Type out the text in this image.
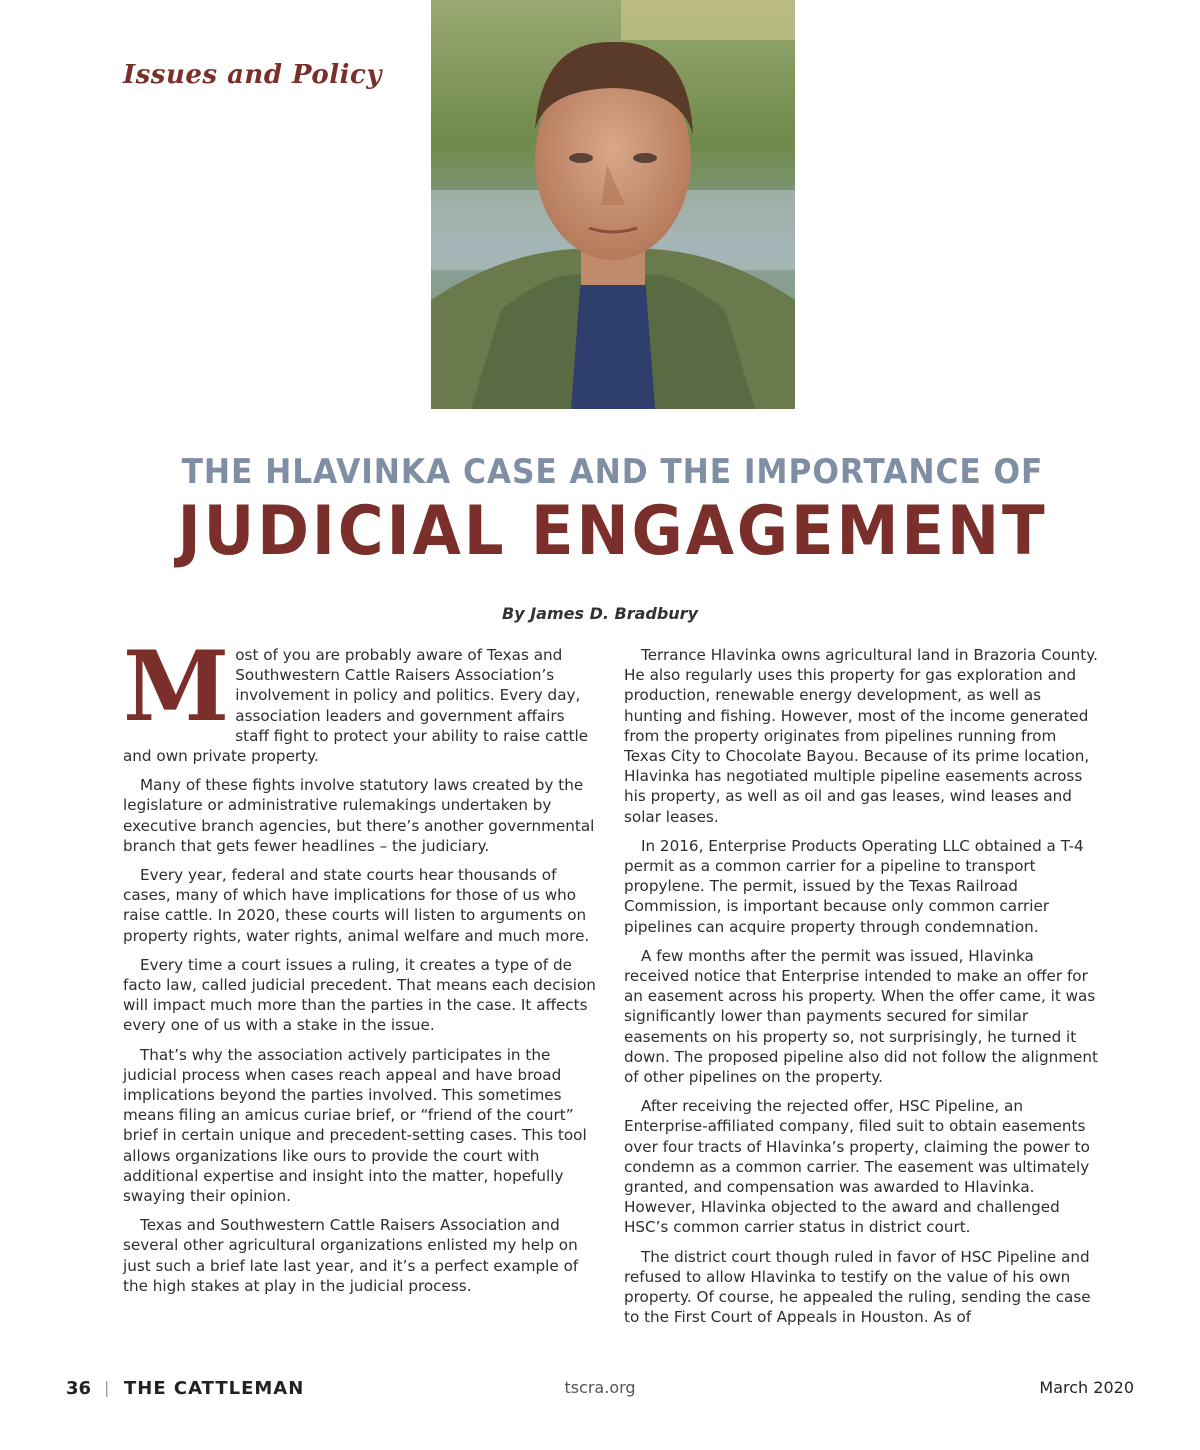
Issues and Policy
THE HLAVINKA CASE AND THE IMPORTANCE OF
JUDICIAL ENGAGEMENT
By James D. Bradbury

Most of you are probably aware of Texas and Southwestern Cattle Raisers Association’s involvement in policy and politics. Every day, association leaders and government affairs staff fight to protect your ability to raise cattle and own private property.

Many of these fights involve statutory laws created by the legislature or administrative rulemakings undertaken by executive branch agencies, but there’s another governmental branch that gets fewer headlines – the judiciary.

Every year, federal and state courts hear thousands of cases, many of which have implications for those of us who raise cattle. In 2020, these courts will listen to arguments on property rights, water rights, animal welfare and much more.

Every time a court issues a ruling, it creates a type of de facto law, called judicial precedent. That means each decision will impact much more than the parties in the case. It affects every one of us with a stake in the issue.

That’s why the association actively participates in the judicial process when cases reach appeal and have broad implications beyond the parties involved. This sometimes means filing an amicus curiae brief, or “friend of the court” brief in certain unique and precedent-setting cases. This tool allows organizations like ours to provide the court with additional expertise and insight into the matter, hopefully swaying their opinion.

Texas and Southwestern Cattle Raisers Association and several other agricultural organizations enlisted my help on just such a brief late last year, and it’s a perfect example of the high stakes at play in the judicial process.

Terrance Hlavinka owns agricultural land in Brazoria County. He also regularly uses this property for gas exploration and production, renewable energy development, as well as hunting and fishing. However, most of the income generated from the property originates from pipelines running from Texas City to Chocolate Bayou. Because of its prime location, Hlavinka has negotiated multiple pipeline easements across his property, as well as oil and gas leases, wind leases and solar leases.

In 2016, Enterprise Products Operating LLC obtained a T-4 permit as a common carrier for a pipeline to transport propylene. The permit, issued by the Texas Railroad Commission, is important because only common carrier pipelines can acquire property through condemnation.

A few months after the permit was issued, Hlavinka received notice that Enterprise intended to make an offer for an easement across his property. When the offer came, it was significantly lower than payments secured for similar easements on his property so, not surprisingly, he turned it down. The proposed pipeline also did not follow the alignment of other pipelines on the property.

After receiving the rejected offer, HSC Pipeline, an Enterprise-affiliated company, filed suit to obtain easements over four tracts of Hlavinka’s property, claiming the power to condemn as a common carrier. The easement was ultimately granted, and compensation was awarded to Hlavinka. However, Hlavinka objected to the award and challenged HSC’s common carrier status in district court.

The district court though ruled in favor of HSC Pipeline and refused to allow Hlavinka to testify on the value of his own property. Of course, he appealed the ruling, sending the case to the First Court of Appeals in Houston. As of

36 | THE CATTLEMAN	tscra.org	March 2020
